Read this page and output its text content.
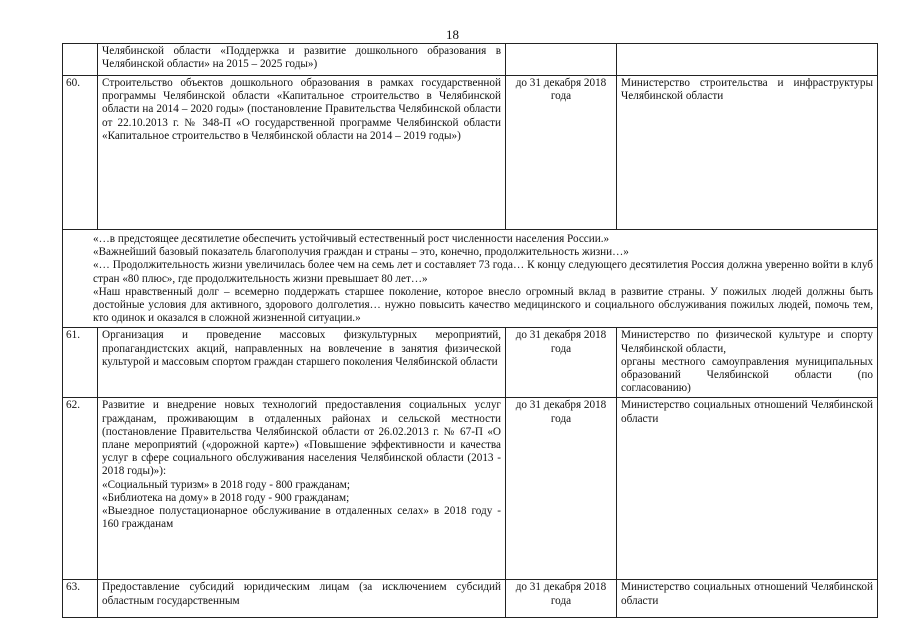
18
	Челябинской области «Поддержка и развитие дошкольного образования в Челябинской области» на 2015 – 2025 годы»)		
60.	Строительство объектов дошкольного образования в рамках государственной программы Челябинской области «Капитальное строительство в Челябинской области на 2014 – 2020 годы» (постановление Правительства Челябинской области от 22.10.2013 г. № 348-П «О государственной программе Челябинской области «Капитальное строительство в Челябинской области на 2014 – 2019 годы»)	до 31 декабря 2018 года	Министерство строительства и инфраструктуры Челябинской области

«…в предстоящее десятилетие обеспечить устойчивый естественный рост численности населения России.»

«Важнейший базовый показатель благополучия граждан и страны – это, конечно, продолжительность жизни…»

«… Продолжительность жизни увеличилась более чем на семь лет и составляет 73 года… К концу следующего десятилетия Россия должна уверенно войти в клуб стран «80 плюс», где продолжительность жизни превышает 80 лет…»

«Наш нравственный долг – всемерно поддержать старшее поколение, которое внесло огромный вклад в развитие страны. У пожилых людей должны быть достойные условия для активного, здорового долголетия… нужно повысить качество медицинского и социального обслуживания пожилых людей, помочь тем, кто одинок и оказался в сложной жизненной ситуации.»			

61.	Организация и проведение массовых физкультурных мероприятий, пропагандистских акций, направленных на вовлечение в занятия физической культурой и массовым спортом граждан старшего поколения Челябинской области	до 31 декабря 2018 года	Министерство по физической культуре и спорту Челябинской области,
органы местного самоуправления муниципальных образований Челябинской области (по согласованию)

62.	Развитие и внедрение новых технологий предоставления социальных услуг гражданам, проживающим в отдаленных районах и сельской местности (постановление Правительства Челябинской области от 26.02.2013 г. № 67-П «О плане мероприятий («дорожной карте») «Повышение эффективности и качества услуг в сфере социального обслуживания населения Челябинской области (2013 - 2018 годы)»):
«Социальный туризм» в 2018 году - 800 гражданам;
«Библиотека на дому» в 2018 году - 900 гражданам;
«Выездное полустационарное обслуживание в отдаленных селах» в 2018 году - 160 гражданам	до 31 декабря 2018 года	Министерство социальных отношений Челябинской области
63.	Предоставление субсидий юридическим лицам (за исключением субсидий областным государственным	до 31 декабря 2018 года	Министерство социальных отношений Челябинской области
